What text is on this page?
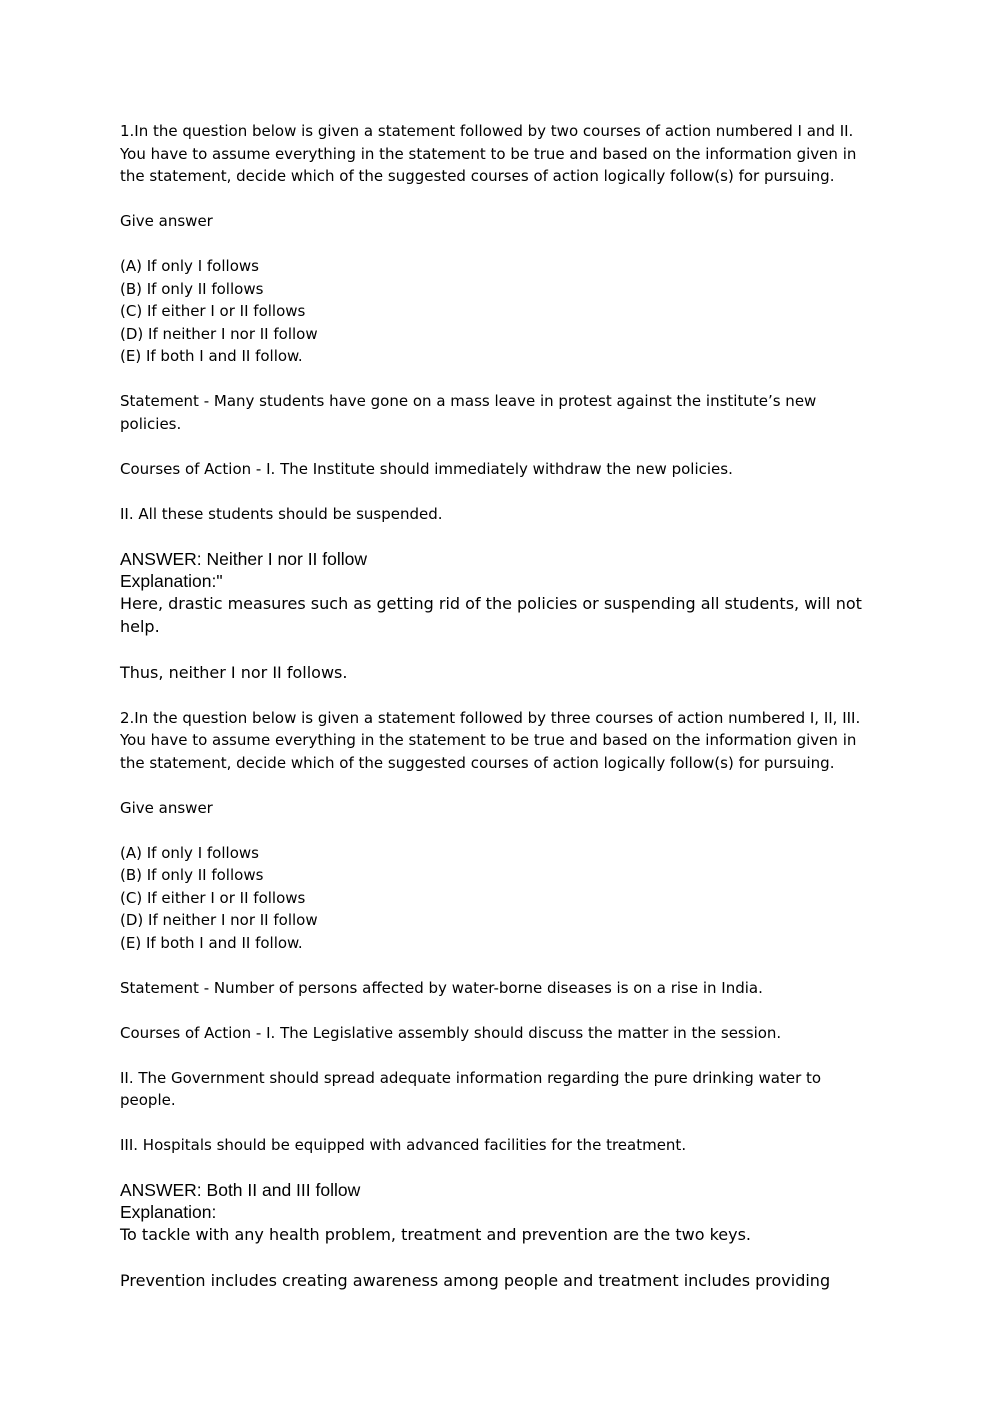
1.In the question below is given a statement followed by two courses of action numbered I and II.

You have to assume everything in the statement to be true and based on the information given in

the statement, decide which of the suggested courses of action logically follow(s) for pursuing.

Give answer

(A) If only I follows

(B) If only II follows

(C) If either I or II follows

(D) If neither I nor II follow

(E) If both I and II follow.

Statement - Many students have gone on a mass leave in protest against the institute’s new policies.

Courses of Action - I. The Institute should immediately withdraw the new policies.

II. All these students should be suspended.

ANSWER: Neither I nor II follow

Explanation:"

Here, drastic measures such as getting rid of the policies or suspending all students, will not

help.

Thus, neither I nor II follows.

2.In the question below is given a statement followed by three courses of action numbered I, II, III.

You have to assume everything in the statement to be true and based on the information given in

the statement, decide which of the suggested courses of action logically follow(s) for pursuing.

Give answer

(A) If only I follows

(B) If only II follows

(C) If either I or II follows

(D) If neither I nor II follow

(E) If both I and II follow.

Statement - Number of persons affected by water-borne diseases is on a rise in India.

Courses of Action - I. The Legislative assembly should discuss the matter in the session.

II. The Government should spread adequate information regarding the pure drinking water to

people.

III. Hospitals should be equipped with advanced facilities for the treatment.

ANSWER: Both II and III follow

Explanation:

To tackle with any health problem, treatment and prevention are the two keys.

Prevention includes creating awareness among people and treatment includes providing
